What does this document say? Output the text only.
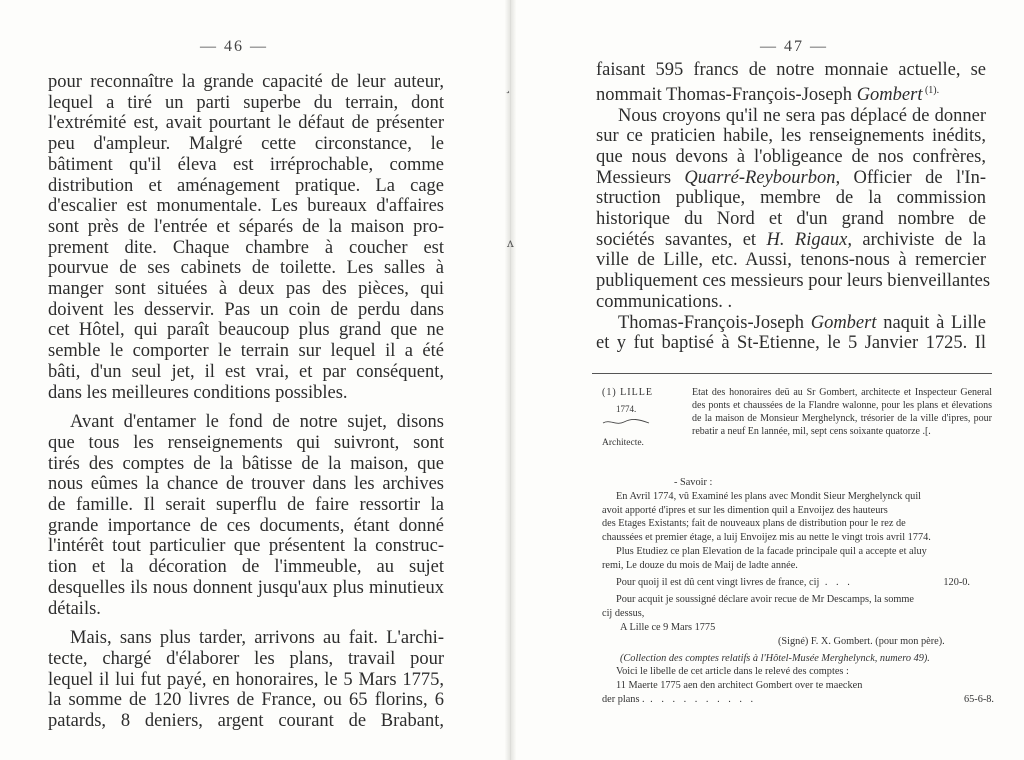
— 46 —
pour reconnaître la grande capacité de leur auteur,
lequel a tiré un parti superbe du terrain, dont
l'extrémité est, avait pourtant le défaut de présenter
peu d'ampleur. Malgré cette circonstance, le
bâtiment qu'il éleva est irréprochable, comme
distribution et aménagement pratique. La cage
d'escalier est monumentale. Les bureaux d'affaires
sont près de l'entrée et séparés de la maison pro-
prement dite. Chaque chambre à coucher est
pourvue de ses cabinets de toilette. Les salles à
manger sont situées à deux pas des pièces, qui
doivent les desservir. Pas un coin de perdu dans
cet Hôtel, qui paraît beaucoup plus grand que ne
semble le comporter le terrain sur lequel il a été
bâti, d'un seul jet, il est vrai, et par conséquent,
dans les meilleures conditions possibles.
Avant d'entamer le fond de notre sujet, disons
que tous les renseignements qui suivront, sont
tirés des comptes de la bâtisse de la maison, que
nous eûmes la chance de trouver dans les archives
de famille. Il serait superflu de faire ressortir la
grande importance de ces documents, étant donné
l'intérêt tout particulier que présentent la construc-
tion et la décoration de l'immeuble, au sujet
desquelles ils nous donnent jusqu'aux plus minutieux
détails.
Mais, sans plus tarder, arrivons au fait. L'archi-
tecte, chargé d'élaborer les plans, travail pour
lequel il lui fut payé, en honoraires, le 5 Mars 1775,
la somme de 120 livres de France, ou 65 florins, 6
patards, 8 deniers, argent courant de Brabant,
¸
ʌ
— 47 —
faisant 595 francs de notre monnaie actuelle, se
nommait Thomas-François-Joseph Gombert $^{(1).}$
Nous croyons qu'il ne sera pas déplacé de donner
sur ce praticien habile, les renseignements inédits,
que nous devons à l'obligeance de nos confrères,
Messieurs Quarré-Reybourbon, Officier de l'In-
struction publique, membre de la commission
historique du Nord et d'un grand nombre de
sociétés savantes, et H. Rigaux, archiviste de la
ville de Lille, etc. Aussi, tenons-nous à remercier
publiquement ces messieurs pour leurs bienveillantes
communications. .
Thomas-François-Joseph Gombert naquit à Lille
et y fut baptisé à St-Etienne, le 5 Janvier 1725. Il
(1) LILLE
1774.
Architecte.
Etat des honoraires deü au Sr Gombert, architecte et Inspecteur General des ponts et chaussées de la Flandre walonne, pour les plans et élevations de la maison de Monsieur Merghelynck, trésorier de la ville d'ipres, pour rebatir a neuf En lannée, mil, sept cens soixante quatorze .[.
- Savoir :
En Avril 1774, vû Examiné les plans avec Mondit Sieur Merghelynck quil
avoit apporté d'ipres et sur les dimention quil a Envoijez des hauteurs
des Etages Existants; fait de nouveaux plans de distribution pour le rez de
chaussées et premier étage, a luij Envoijez mis au nette le vingt trois avril 1774.
Plus Etudiez ce plan Elevation de la facade principale quil a accepte et aluy
remi, Le douze du mois de Maij de ladte année.
Pour quoij il est dû cent vingt livres de france, cij . . .	120-0.
Pour acquit je soussigné déclare avoir recue de Mr Descamps, la somme
cij dessus,
A Lille ce 9 Mars 1775
(Signé) F. X. Gombert. (pour mon père).
(Collection des comptes relatifs à l'Hôtel-Musée Merghelynck, numero 49).
Voici le libelle de cet article dans le relevé des comptes :
11 Maerte 1775 aen den architect Gombert over te maecken
der plans . . . . . . . . . . .	65-6-8.
